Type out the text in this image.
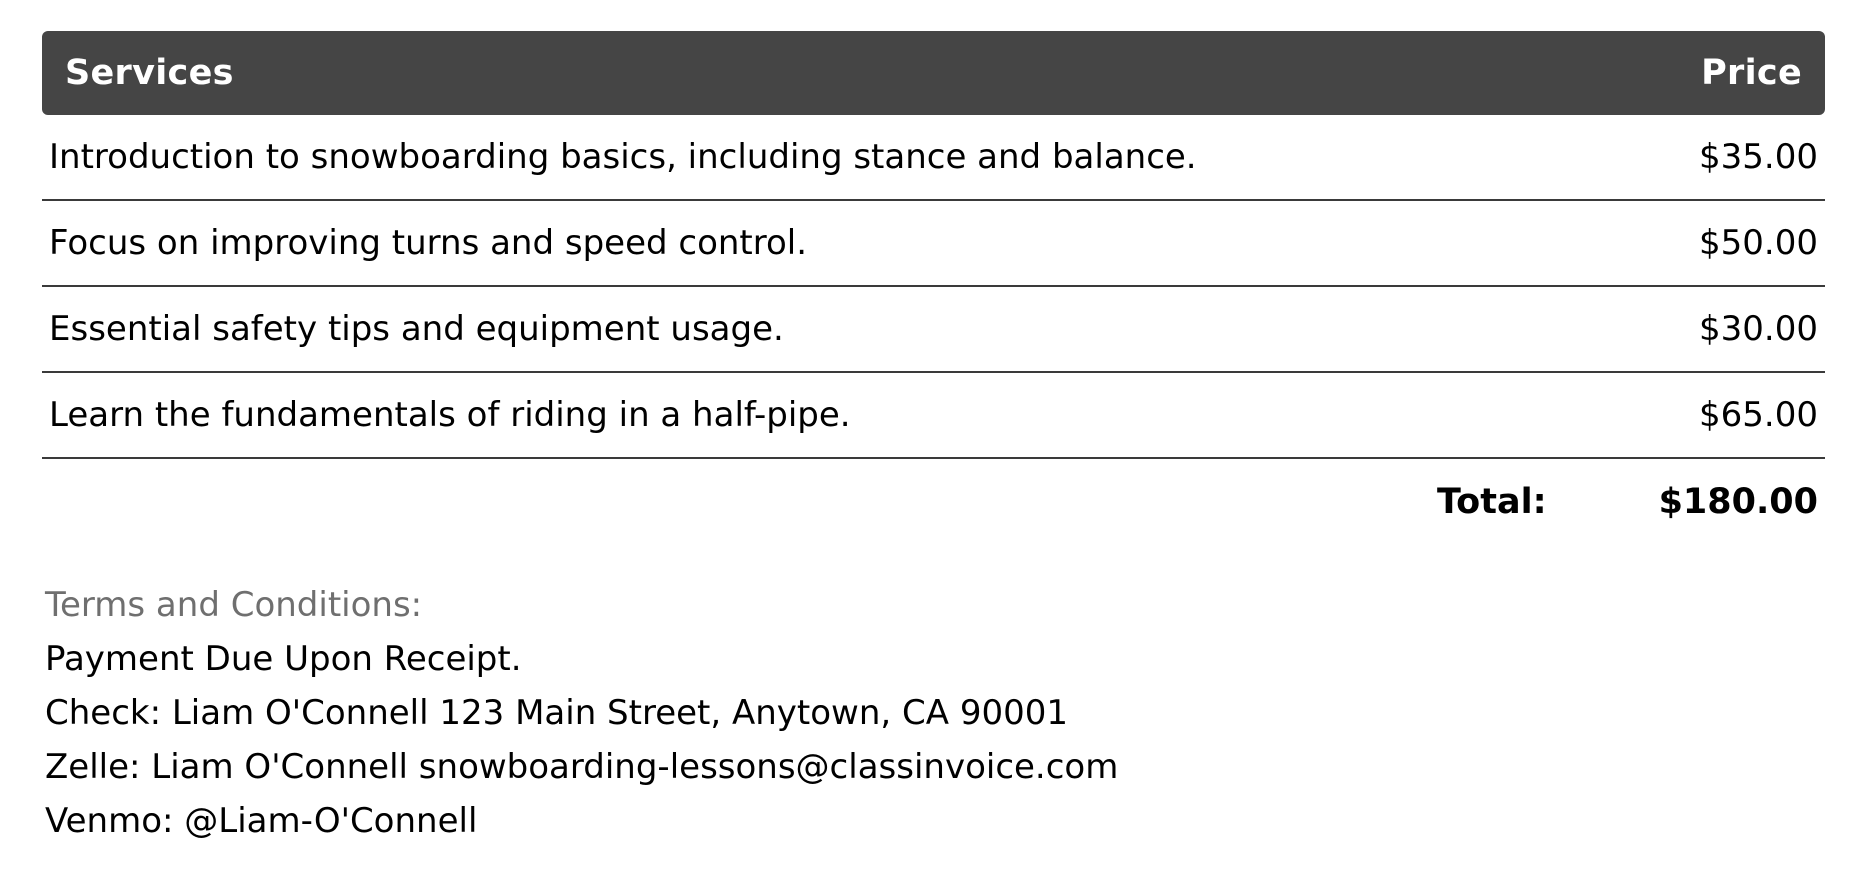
Services	Price
Introduction to snowboarding basics, including stance and balance.	$35.00
Focus on improving turns and speed control.	$50.00
Essential safety tips and equipment usage.	$30.00
Learn the fundamentals of riding in a half-pipe.	$65.00
Total:	$180.00
Terms and Conditions:
Payment Due Upon Receipt.
Check: Liam O'Connell 123 Main Street, Anytown, CA 90001
Zelle: Liam O'Connell snowboarding-lessons@classinvoice.com
Venmo: @Liam-O'Connell
